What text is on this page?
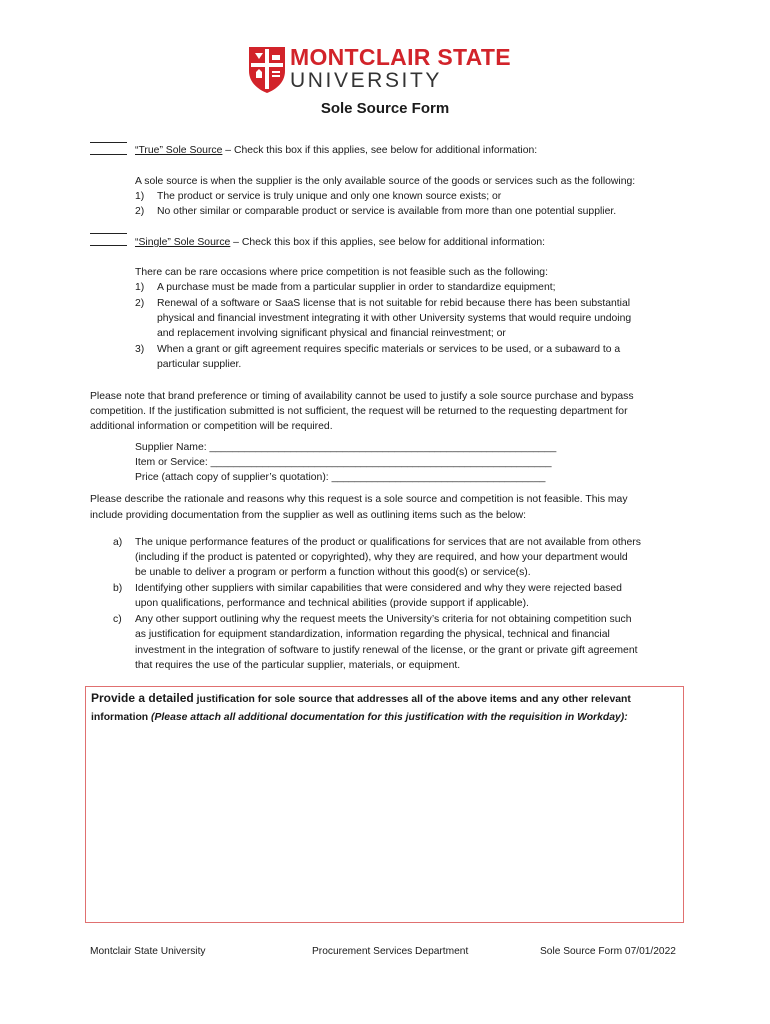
MONTCLAIR STATE
UNIVERSITY
Sole Source Form
“True” Sole Source – Check this box if this applies, see below for additional information:
A sole source is when the supplier is the only available source of the goods or services such as the following:
1) The product or service is truly unique and only one known source exists; or
2) No other similar or comparable product or service is available from more than one potential supplier.
“Single” Sole Source – Check this box if this applies, see below for additional information:
There can be rare occasions where price competition is not feasible such as the following:
1) A purchase must be made from a particular supplier in order to standardize equipment;
2) Renewal of a software or SaaS license that is not suitable for rebid because there has been substantial
physical and financial investment integrating it with other University systems that would require undoing
and replacement involving significant physical and financial reinvestment; or
3) When a grant or gift agreement requires specific materials or services to be used, or a subaward to a
particular supplier.
Please note that brand preference or timing of availability cannot be used to justify a sole source purchase and bypass
competition. If the justification submitted is not sufficient, the request will be returned to the requesting department for
additional information or competition will be required.
Supplier Name: ____________________________________________________________
Item or Service: ___________________________________________________________
Price (attach copy of supplier’s quotation): _____________________________________
Please describe the rationale and reasons why this request is a sole source and competition is not feasible. This may
include providing documentation from the supplier as well as outlining items such as the below:
a) The unique performance features of the product or qualifications for services that are not available from others
(including if the product is patented or copyrighted), why they are required, and how your department would
be unable to deliver a program or perform a function without this good(s) or service(s).
b) Identifying other suppliers with similar capabilities that were considered and why they were rejected based
upon qualifications, performance and technical abilities (provide support if applicable).
c) Any other support outlining why the request meets the University’s criteria for not obtaining competition such
as justification for equipment standardization, information regarding the physical, technical and financial
investment in the integration of software to justify renewal of the license, or the grant or private gift agreement
that requires the use of the particular supplier, materials, or equipment.
Provide a detailed justification for sole source that addresses all of the above items and any other relevant
information (Please attach all additional documentation for this justification with the requisition in Workday):
Montclair State University	Procurement Services Department	Sole Source Form 07/01/2022
